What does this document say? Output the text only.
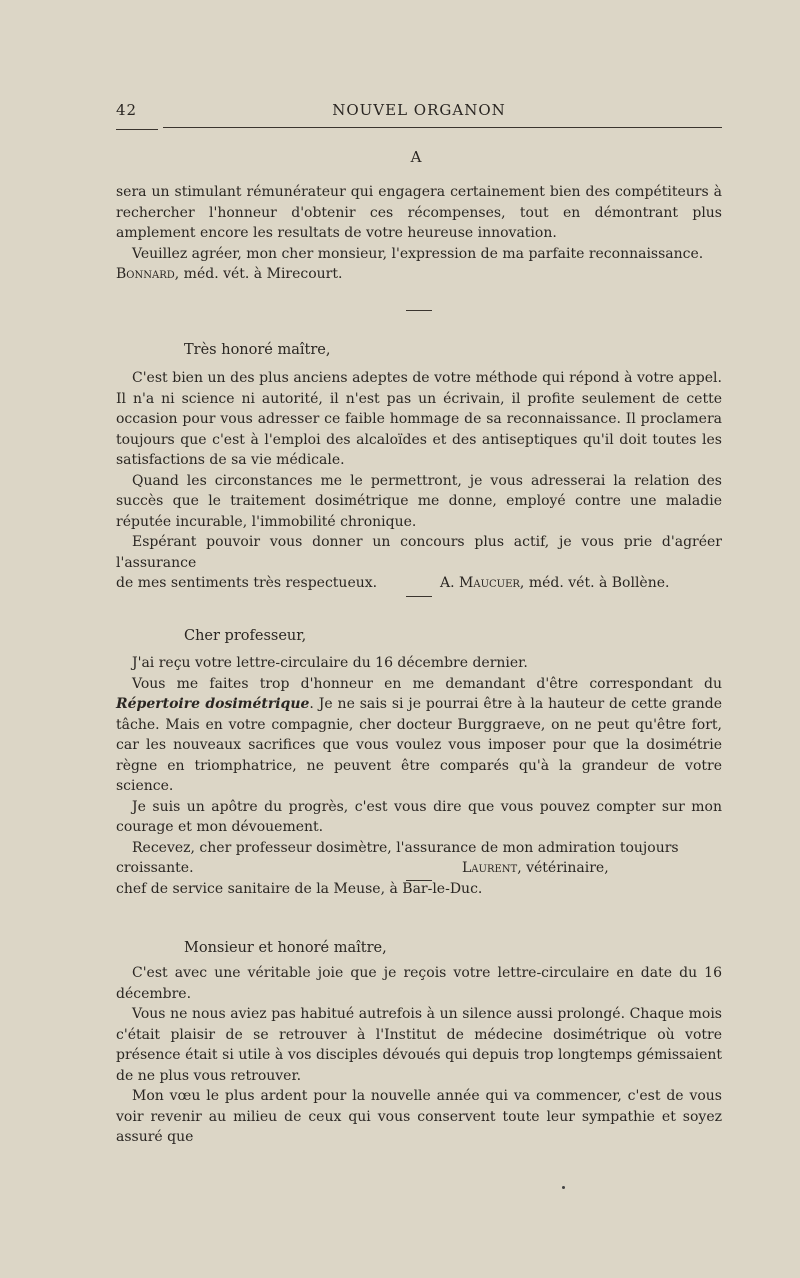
42	NOUVEL ORGANON
A

sera un stimulant rémunérateur qui engagera certainement bien des compétiteurs à rechercher l'honneur d'obtenir ces récompenses, tout en démontrant plus amplement encore les resultats de votre heureuse innovation.

Veuillez agréer, mon cher monsieur, l'expression de ma parfaite reconnaissance.

Bonnard, méd. vét. à Mirecourt.

Très honoré maître,

C'est bien un des plus anciens adeptes de votre méthode qui répond à votre appel. Il n'a ni science ni autorité, il n'est pas un écrivain, il profite seulement de cette occasion pour vous adresser ce faible hommage de sa reconnaissance. Il proclamera toujours que c'est à l'emploi des alcaloïdes et des antiseptiques qu'il doit toutes les satisfactions de sa vie médicale.

Quand les circonstances me le permettront, je vous adresserai la relation des succès que le traitement dosimétrique me donne, employé contre une maladie réputée incurable, l'immobilité chronique.

Espérant pouvoir vous donner un concours plus actif, je vous prie d'agréer l'assurance

de mes sentiments très respectueux.	A. Maucuer, méd. vét. à Bollène.
Cher professeur,

J'ai reçu votre lettre-circulaire du 16 décembre dernier.

Vous me faites trop d'honneur en me demandant d'être correspondant du Répertoire dosimétrique. Je ne sais si je pourrai être à la hauteur de cette grande tâche. Mais en votre compagnie, cher docteur Burggraeve, on ne peut qu'être fort, car les nouveaux sacrifices que vous voulez vous imposer pour que la dosimétrie règne en triomphatrice, ne peuvent être comparés qu'à la grandeur de votre science.

Je suis un apôtre du progrès, c'est vous dire que vous pouvez compter sur mon courage et mon dévouement.

Recevez, cher professeur dosimètre, l'assurance de mon admiration toujours

croissante.	Laurent, vétérinaire,

chef de service sanitaire de la Meuse, à Bar-le-Duc.

Monsieur et honoré maître,

C'est avec une véritable joie que je reçois votre lettre-circulaire en date du 16 décembre.

Vous ne nous aviez pas habitué autrefois à un silence aussi prolongé. Chaque mois c'était plaisir de se retrouver à l'Institut de médecine dosimétrique où votre présence était si utile à vos disciples dévoués qui depuis trop longtemps gémissaient de ne plus vous retrouver.

Mon vœu le plus ardent pour la nouvelle année qui va commencer, c'est de vous voir revenir au milieu de ceux qui vous conservent toute leur sympathie et soyez assuré que
